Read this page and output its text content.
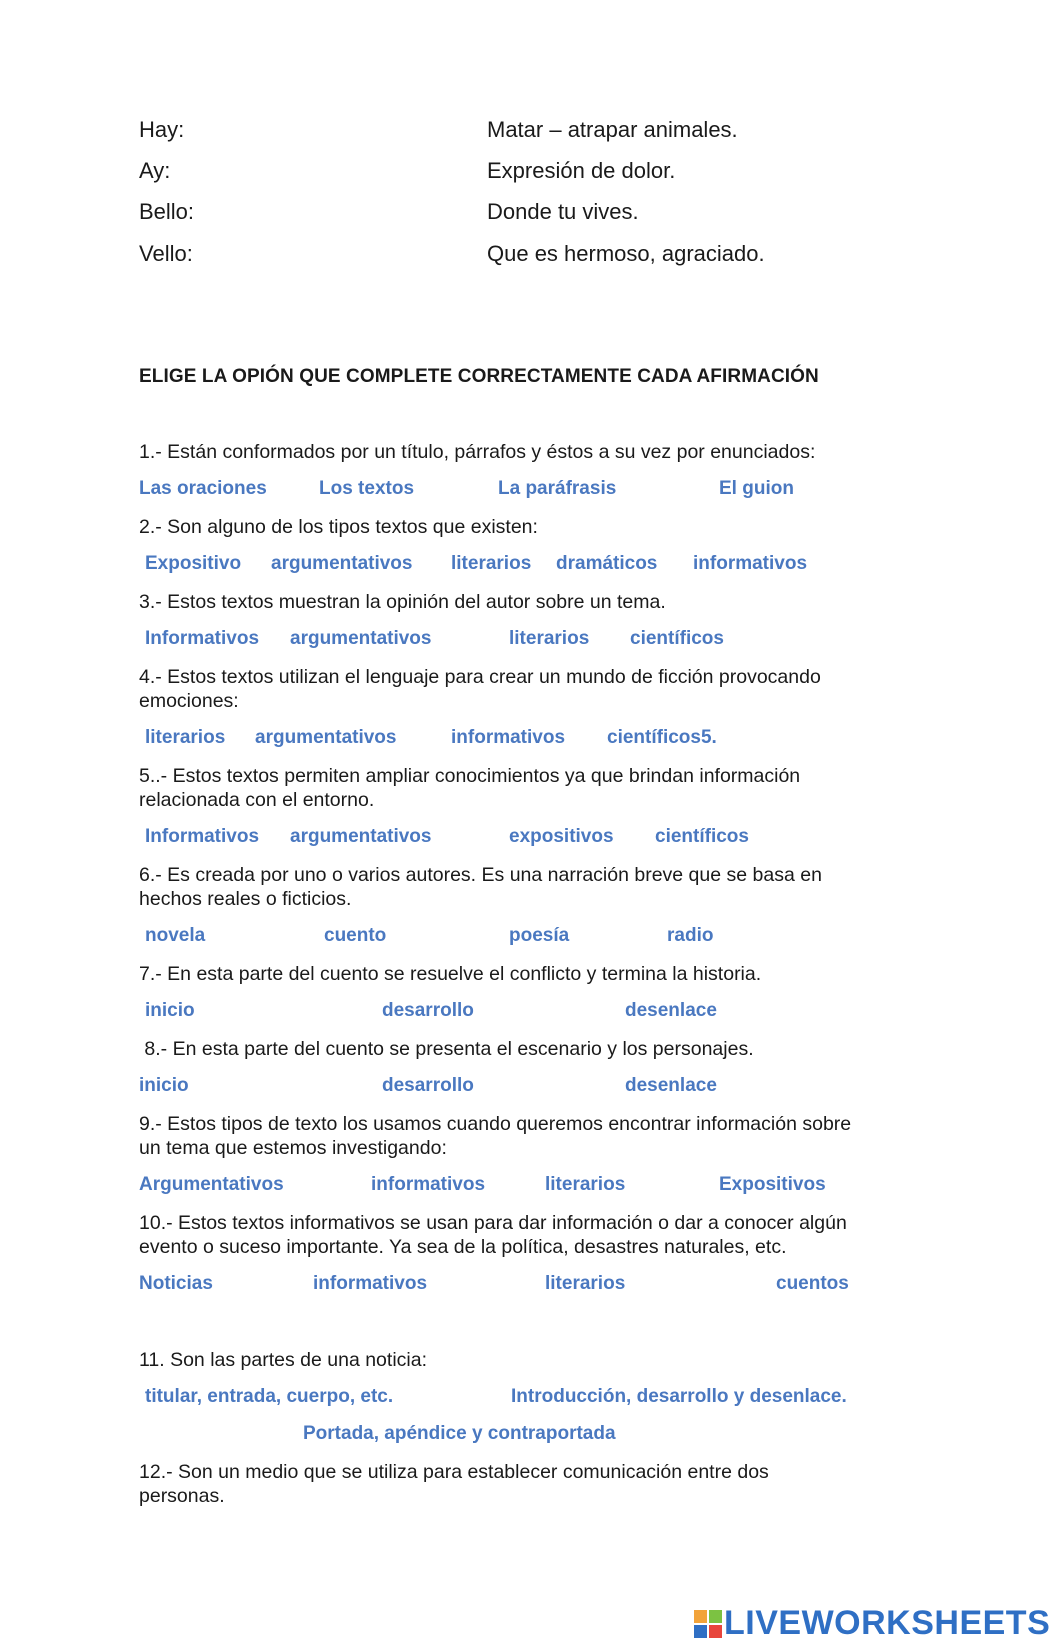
Hay:	Matar – atrapar animales.
Ay:	Expresión de dolor.
Bello:	Donde tu vives.
Vello:	Que es hermoso, agraciado.
ELIGE LA OPIÓN QUE COMPLETE CORRECTAMENTE CADA AFIRMACIÓN
1.- Están conformados por un título, párrafos y éstos a su vez por enunciados:
Las oraciones	Los textos	La paráfrasis	El guion
2.- Son alguno de los tipos textos que existen:
Expositivo argumentativos literarios dramáticos informativos
3.- Estos textos muestran la opinión del autor sobre un tema.
Informativos argumentativos	literarios científicos
4.- Estos textos utilizan el lenguaje para crear un mundo de ficción provocando
emociones:
literarios argumentativos	informativos científicos5.
5..- Estos textos permiten ampliar conocimientos ya que brindan información
relacionada con el entorno.
Informativos argumentativos	expositivos científicos
6.- Es creada por uno o varios autores. Es una narración breve que se basa en
hechos reales o ficticios.
novela	cuento	poesía	radio
7.- En esta parte del cuento se resuelve el conflicto y termina la historia.
inicio	desarrollo	desenlace
8.- En esta parte del cuento se presenta el escenario y los personajes.
inicio	desarrollo	desenlace
9.- Estos tipos de texto los usamos cuando queremos encontrar información sobre
un tema que estemos investigando:
Argumentativos	informativos	literarios	Expositivos
10.- Estos textos informativos se usan para dar información o dar a conocer algún
evento o suceso importante. Ya sea de la política, desastres naturales, etc.
Noticias	informativos	literarios	cuentos
11. Son las partes de una noticia:
titular, entrada, cuerpo, etc.	Introducción, desarrollo y desenlace.
Portada, apéndice y contraportada
12.- Son un medio que se utiliza para establecer comunicación entre dos
personas.
LIVEWORKSHEETS
